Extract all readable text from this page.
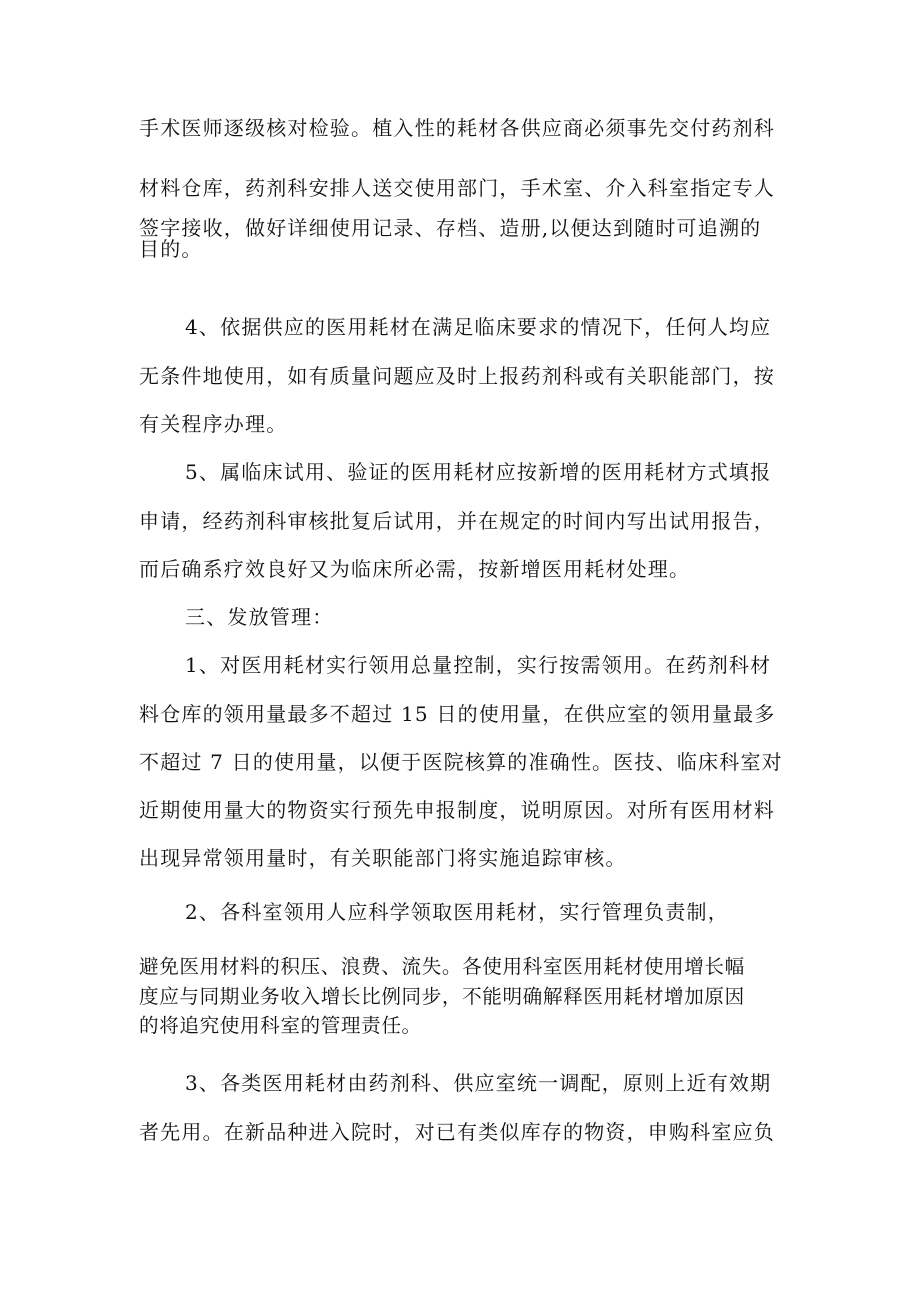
手术医师逐级核对检验。植入性的耗材各供应商必须事先交付药剂科
材料仓库，药剂科安排人送交使用部门，手术室、介入科室指定专人
签字接收，做好详细使用记录、存档、造册,以便达到随时可追溯的
目的。
4、依据供应的医用耗材在满足临床要求的情况下，任何人均应
无条件地使用，如有质量问题应及时上报药剂科或有关职能部门，按
有关程序办理。
5、属临床试用、验证的医用耗材应按新增的医用耗材方式填报
申请，经药剂科审核批复后试用，并在规定的时间内写出试用报告，
而后确系疗效良好又为临床所必需，按新增医用耗材处理。
三、发放管理：
1、对医用耗材实行领用总量控制，实行按需领用。在药剂科材
料仓库的领用量最多不超过 15 日的使用量，在供应室的领用量最多
不超过 7 日的使用量，以便于医院核算的准确性。医技、临床科室对
近期使用量大的物资实行预先申报制度，说明原因。对所有医用材料
出现异常领用量时，有关职能部门将实施追踪审核。
2、各科室领用人应科学领取医用耗材，实行管理负责制，
避免医用材料的积压、浪费、流失。各使用科室医用耗材使用增长幅
度应与同期业务收入增长比例同步，不能明确解释医用耗材增加原因
的将追究使用科室的管理责任。
3、各类医用耗材由药剂科、供应室统一调配，原则上近有效期
者先用。在新品种进入院时，对已有类似库存的物资，申购科室应负
